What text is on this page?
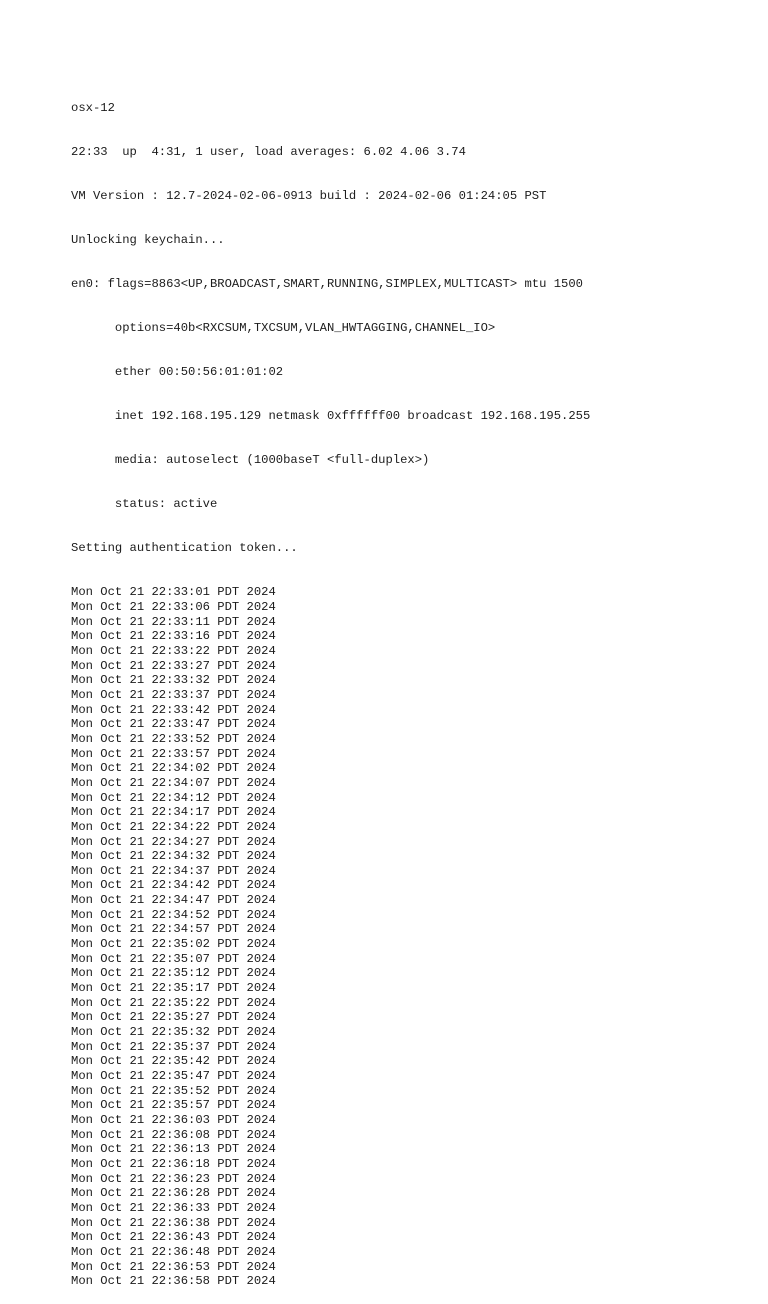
osx-12

22:33  up  4:31, 1 user, load averages: 6.02 4.06 3.74

VM Version : 12.7-2024-02-06-0913 build : 2024-02-06 01:24:05 PST

Unlocking keychain...

en0: flags=8863<UP,BROADCAST,SMART,RUNNING,SIMPLEX,MULTICAST> mtu 1500

options=40b<RXCSUM,TXCSUM,VLAN_HWTAGGING,CHANNEL_IO>

ether 00:50:56:01:01:02

inet 192.168.195.129 netmask 0xffffff00 broadcast 192.168.195.255

media: autoselect (1000baseT <full-duplex>)

status: active

Setting authentication token...

Mon Oct 21 22:33:01 PDT 2024
Mon Oct 21 22:33:06 PDT 2024
Mon Oct 21 22:33:11 PDT 2024
Mon Oct 21 22:33:16 PDT 2024
Mon Oct 21 22:33:22 PDT 2024
Mon Oct 21 22:33:27 PDT 2024
Mon Oct 21 22:33:32 PDT 2024
Mon Oct 21 22:33:37 PDT 2024
Mon Oct 21 22:33:42 PDT 2024
Mon Oct 21 22:33:47 PDT 2024
Mon Oct 21 22:33:52 PDT 2024
Mon Oct 21 22:33:57 PDT 2024
Mon Oct 21 22:34:02 PDT 2024
Mon Oct 21 22:34:07 PDT 2024
Mon Oct 21 22:34:12 PDT 2024
Mon Oct 21 22:34:17 PDT 2024
Mon Oct 21 22:34:22 PDT 2024
Mon Oct 21 22:34:27 PDT 2024
Mon Oct 21 22:34:32 PDT 2024
Mon Oct 21 22:34:37 PDT 2024
Mon Oct 21 22:34:42 PDT 2024
Mon Oct 21 22:34:47 PDT 2024
Mon Oct 21 22:34:52 PDT 2024
Mon Oct 21 22:34:57 PDT 2024
Mon Oct 21 22:35:02 PDT 2024
Mon Oct 21 22:35:07 PDT 2024
Mon Oct 21 22:35:12 PDT 2024
Mon Oct 21 22:35:17 PDT 2024
Mon Oct 21 22:35:22 PDT 2024
Mon Oct 21 22:35:27 PDT 2024
Mon Oct 21 22:35:32 PDT 2024
Mon Oct 21 22:35:37 PDT 2024
Mon Oct 21 22:35:42 PDT 2024
Mon Oct 21 22:35:47 PDT 2024
Mon Oct 21 22:35:52 PDT 2024
Mon Oct 21 22:35:57 PDT 2024
Mon Oct 21 22:36:03 PDT 2024
Mon Oct 21 22:36:08 PDT 2024
Mon Oct 21 22:36:13 PDT 2024
Mon Oct 21 22:36:18 PDT 2024
Mon Oct 21 22:36:23 PDT 2024
Mon Oct 21 22:36:28 PDT 2024
Mon Oct 21 22:36:33 PDT 2024
Mon Oct 21 22:36:38 PDT 2024
Mon Oct 21 22:36:43 PDT 2024
Mon Oct 21 22:36:48 PDT 2024
Mon Oct 21 22:36:53 PDT 2024
Mon Oct 21 22:36:58 PDT 2024
